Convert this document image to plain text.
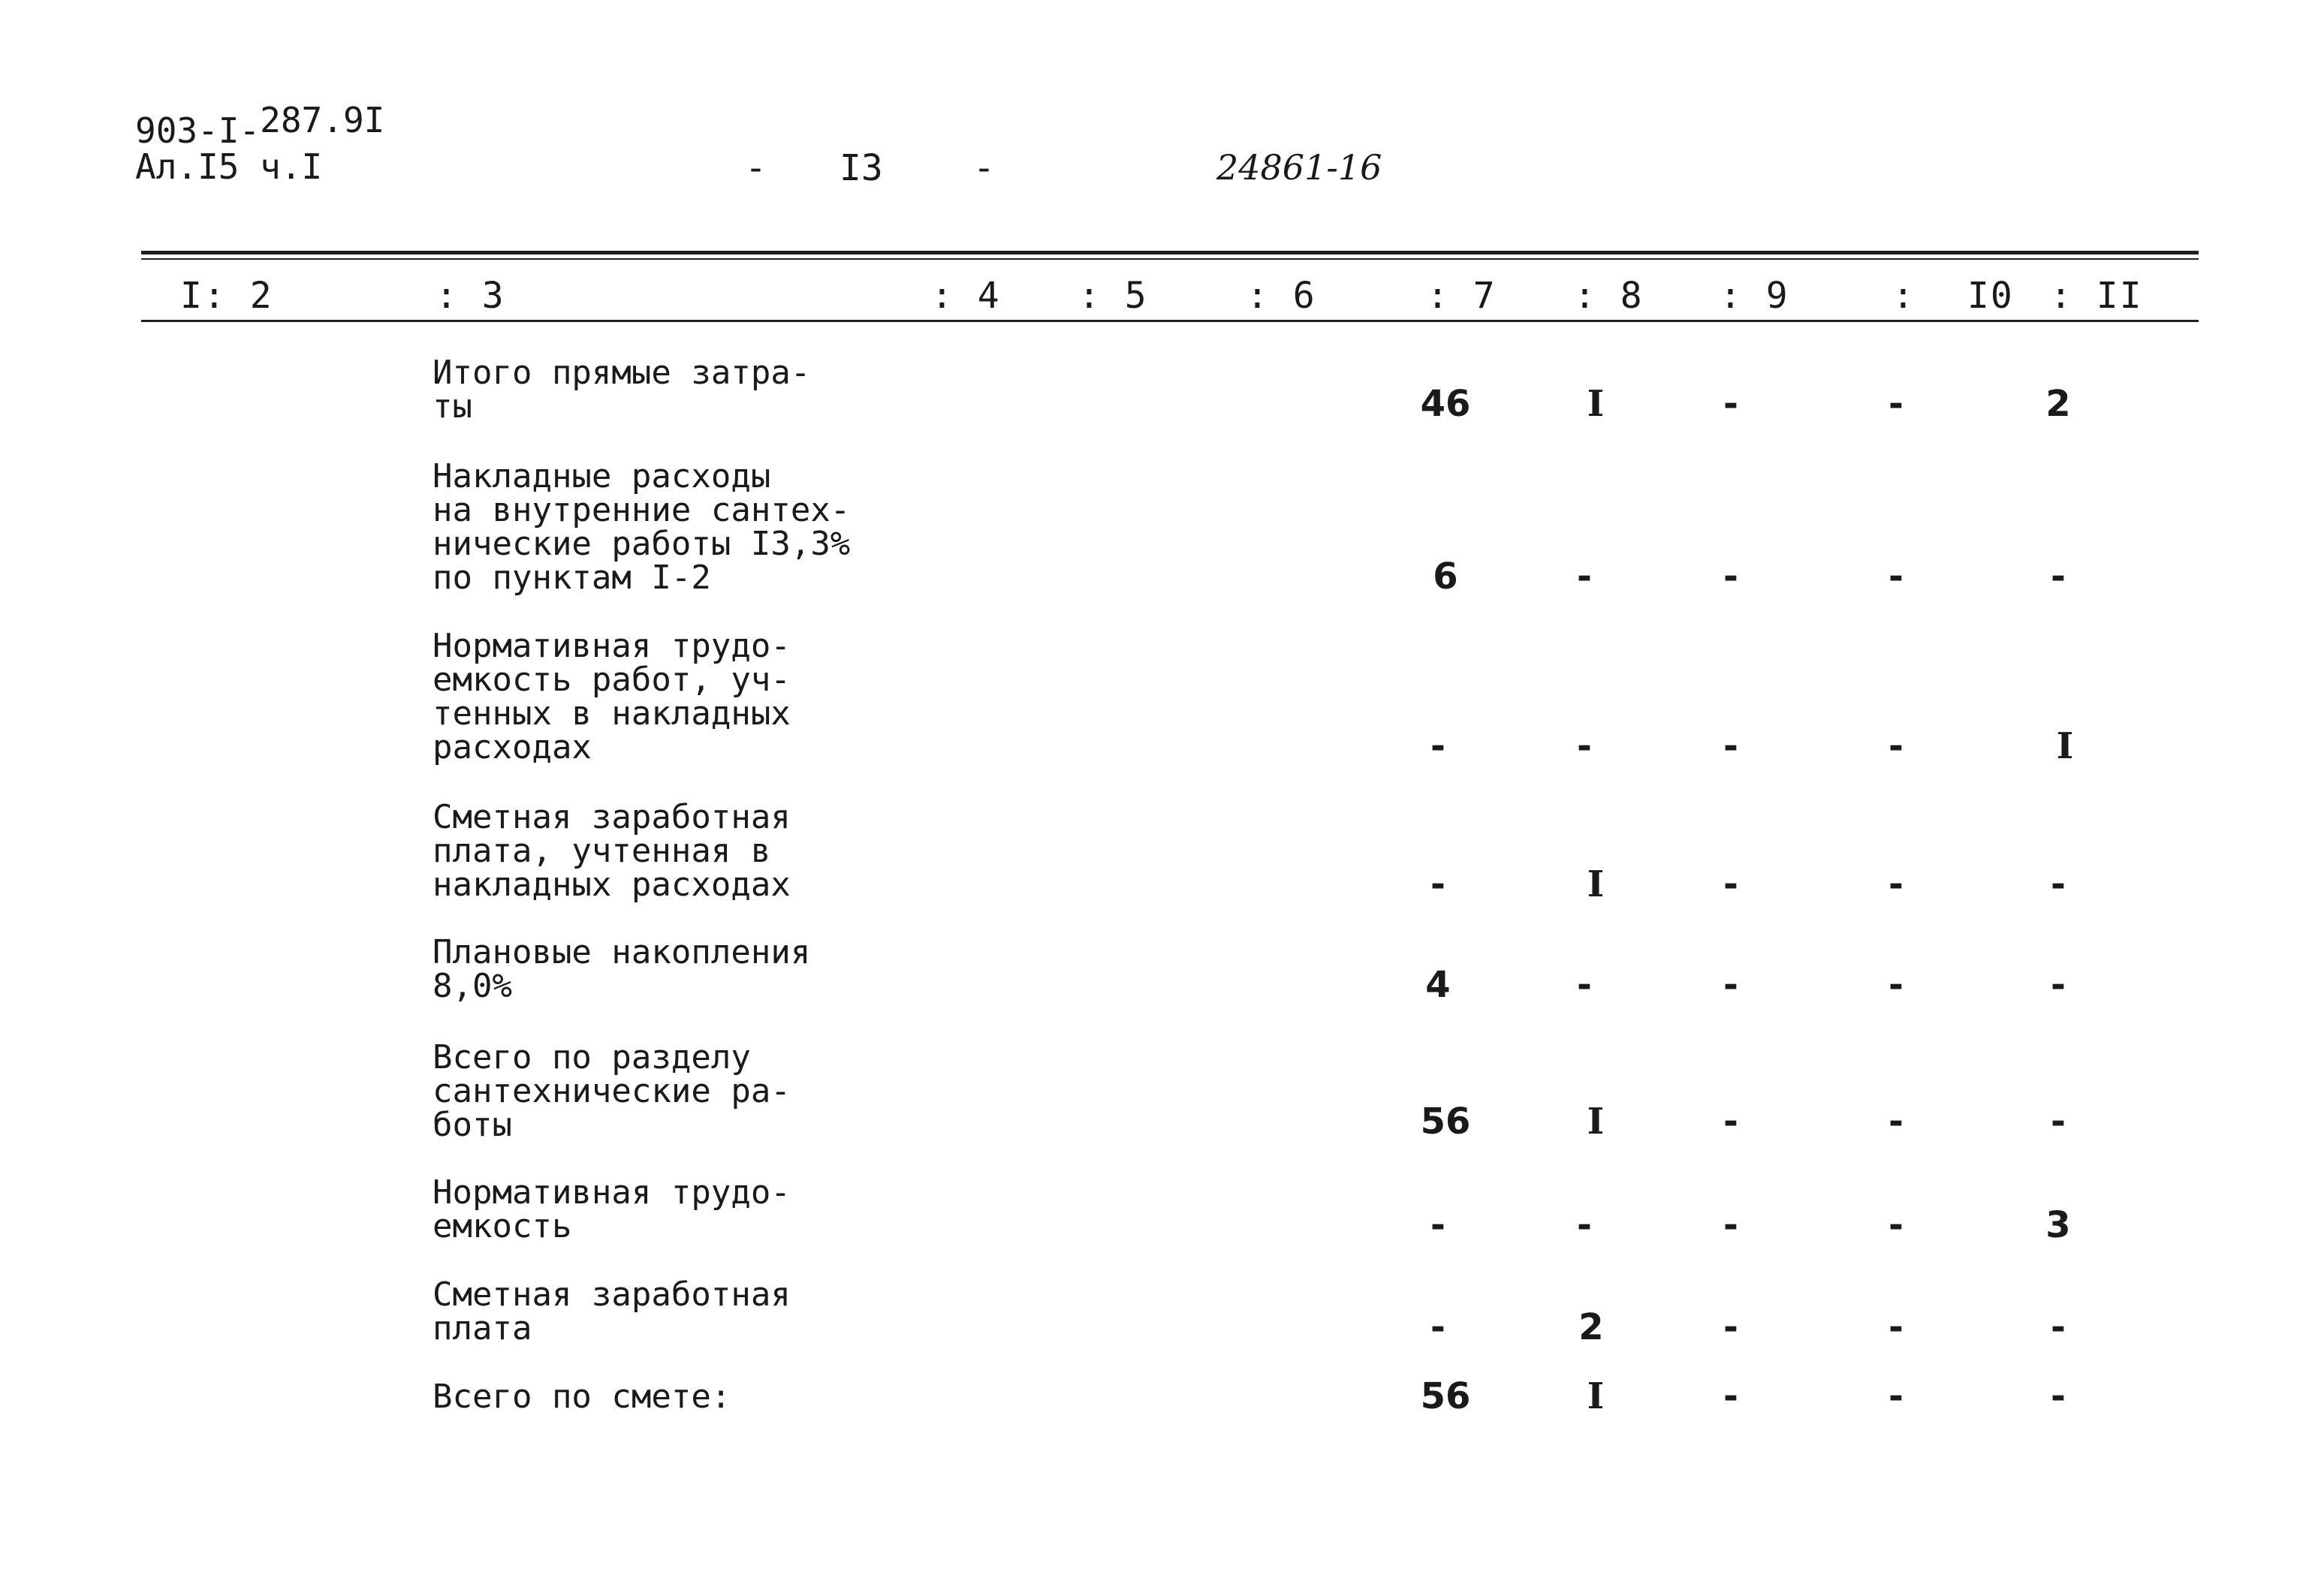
903-I-287.9I
Ал.I5 ч.I	- I3	-	24861-16
I: 2	: 3	: 4 : 5	: 6	: 7 : 8 : 9	: I0 : II
Итого прямые затра-
ты	46	I	-	-	2
Накладные расходы
на внутренние сантех-
нические работы I3,3%
по пунктам I-2	6	-	-	-	-
Нормативная трудо-
емкость работ, уч-
тенных в накладных
расходах	-	-	-	-	I
Сметная заработная
плата, учтенная в
накладных расходах	-	I	-	-	-
Плановые накопления
8,0%	4	-	-	-	-
Всего по разделу
сантехнические ра-
боты	56	I	-	-	-
Нормативная трудо-
емкость	-	-	-	-	3
Сметная заработная
плата	-	2	-	-	-
Всего по смете:	56	I	-	-	-
